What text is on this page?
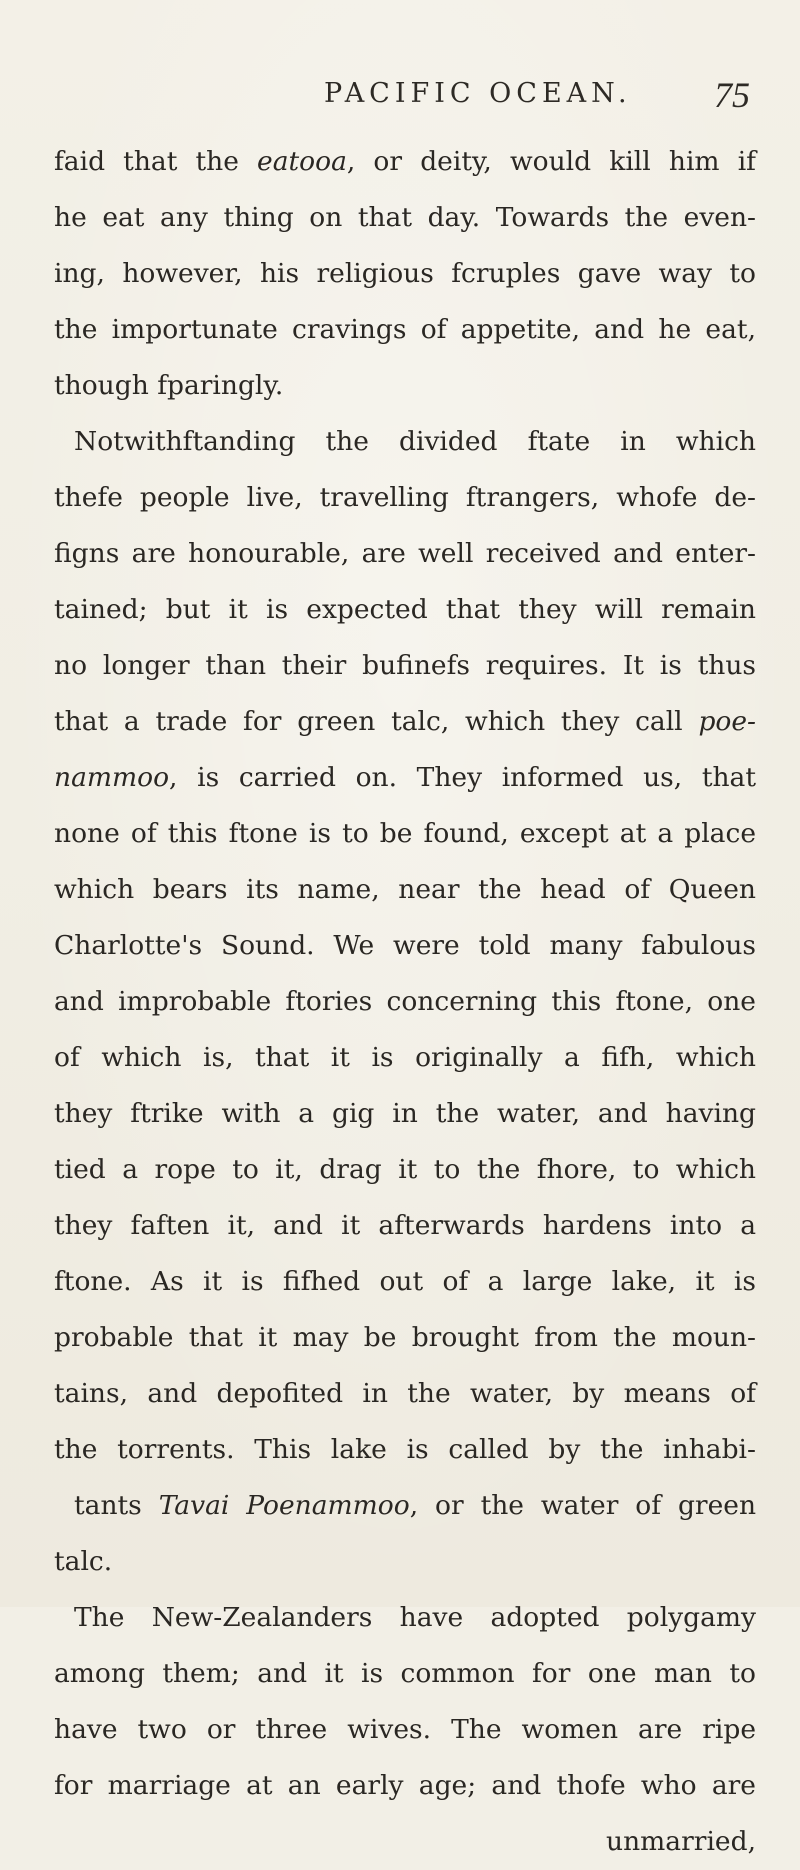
PACIFIC OCEAN. 75
faid that the eatooa, or deity, would kill him if
he eat any thing on that day. Towards the even-
ing, however, his religious fcruples gave way to
the importunate cravings of appetite, and he eat,
though fparingly.
Notwithftanding the divided ftate in which
thefe people live, travelling ftrangers, whofe de-
figns are honourable, are well received and enter-
tained; but it is expected that they will remain
no longer than their bufinefs requires. It is thus
that a trade for green talc, which they call poe-
nammoo, is carried on. They informed us, that
none of this ftone is to be found, except at a place
which bears its name, near the head of Queen
Charlotte's Sound. We were told many fabulous
and improbable ftories concerning this ftone, one
of which is, that it is originally a fifh, which
they ftrike with a gig in the water, and having
tied a rope to it, drag it to the fhore, to which
they faften it, and it afterwards hardens into a
ftone. As it is fifhed out of a large lake, it is
probable that it may be brought from the moun-
tains, and depofited in the water, by means of
the torrents. This lake is called by the inhabi-
tants Tavai Poenammoo, or the water of green
talc.
The New-Zealanders have adopted polygamy
among them; and it is common for one man to
have two or three wives. The women are ripe
for marriage at an early age; and thofe who are
unmarried,
